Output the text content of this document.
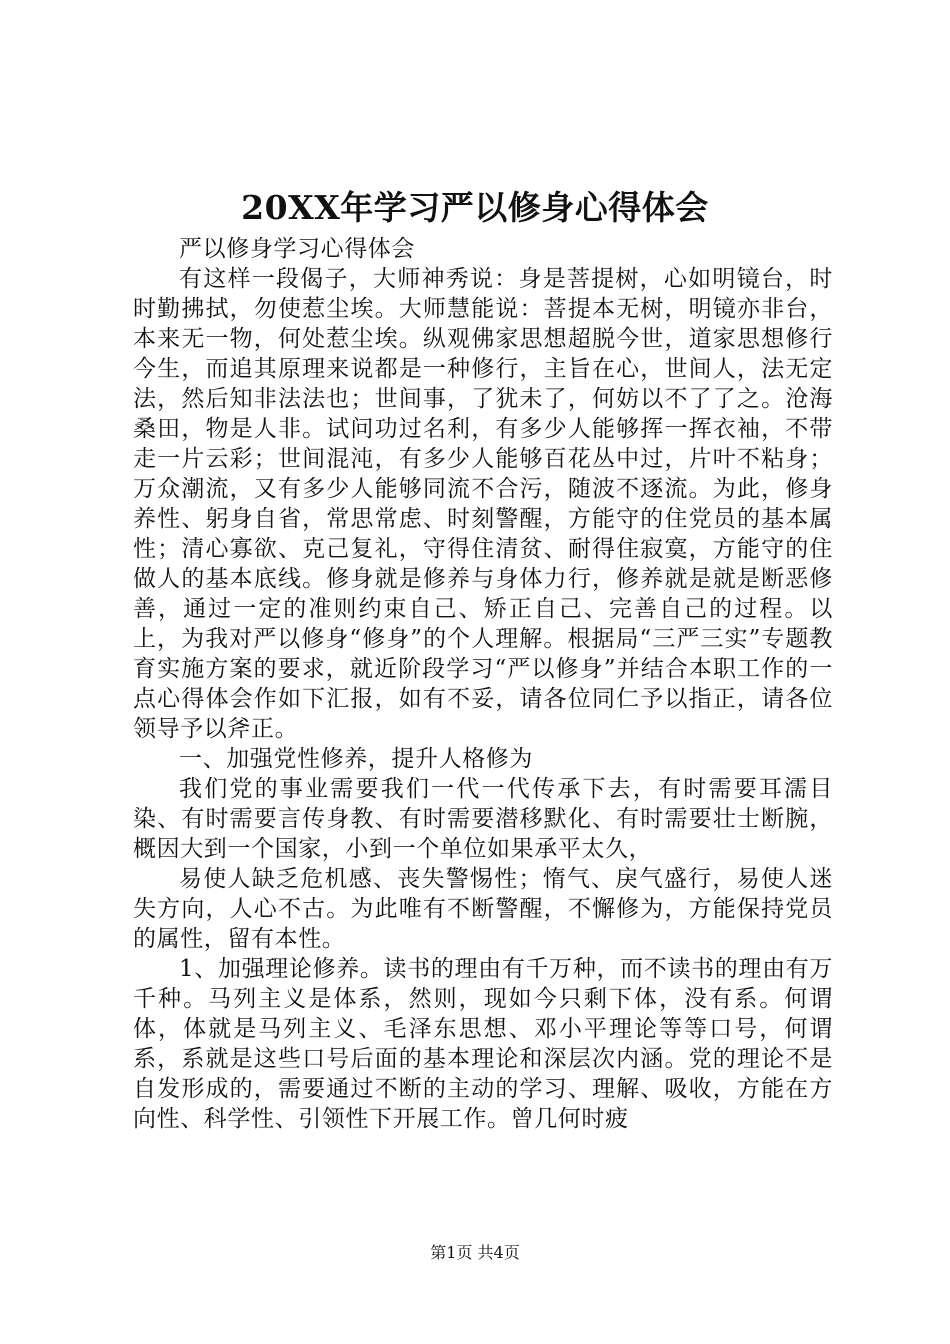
20XX年学习严以修身心得体会

严以修身学习心得体会

有这样一段偈子，大师神秀说：身是菩提树，心如明镜台，时时勤拂拭，勿使惹尘埃。大师慧能说：菩提本无树，明镜亦非台，本来无一物，何处惹尘埃。纵观佛家思想超脱今世，道家思想修行今生，而追其原理来说都是一种修行，主旨在心，世间人，法无定法，然后知非法法也；世间事，了犹未了，何妨以不了了之。沧海桑田，物是人非。试问功过名利，有多少人能够挥一挥衣袖，不带走一片云彩；世间混沌，有多少人能够百花丛中过，片叶不粘身；万众潮流，又有多少人能够同流不合污，随波不逐流。为此，修身养性、躬身自省，常思常虑、时刻警醒，方能守的住党员的基本属性；清心寡欲、克己复礼，守得住清贫、耐得住寂寞，方能守的住做人的基本底线。修身就是修养与身体力行，修养就是就是断恶修善，通过一定的准则约束自己、矫正自己、完善自己的过程。以上，为我对严以修身“修身”的个人理解。根据局“三严三实”专题教育实施方案的要求，就近阶段学习“严以修身”并结合本职工作的一点心得体会作如下汇报，如有不妥，请各位同仁予以指正，请各位领导予以斧正。

一、加强党性修养，提升人格修为

我们党的事业需要我们一代一代传承下去，有时需要耳濡目染、有时需要言传身教、有时需要潜移默化、有时需要壮士断腕，概因大到一个国家，小到一个单位如果承平太久，

易使人缺乏危机感、丧失警惕性；惰气、戾气盛行，易使人迷失方向，人心不古。为此唯有不断警醒，不懈修为，方能保持党员的属性，留有本性。

1、加强理论修养。读书的理由有千万种，而不读书的理由有万千种。马列主义是体系，然则，现如今只剩下体，没有系。何谓体，体就是马列主义、毛泽东思想、邓小平理论等等口号，何谓系，系就是这些口号后面的基本理论和深层次内涵。党的理论不是自发形成的，需要通过不断的主动的学习、理解、吸收，方能在方向性、科学性、引领性下开展工作。曾几何时疲

第1页 共4页
